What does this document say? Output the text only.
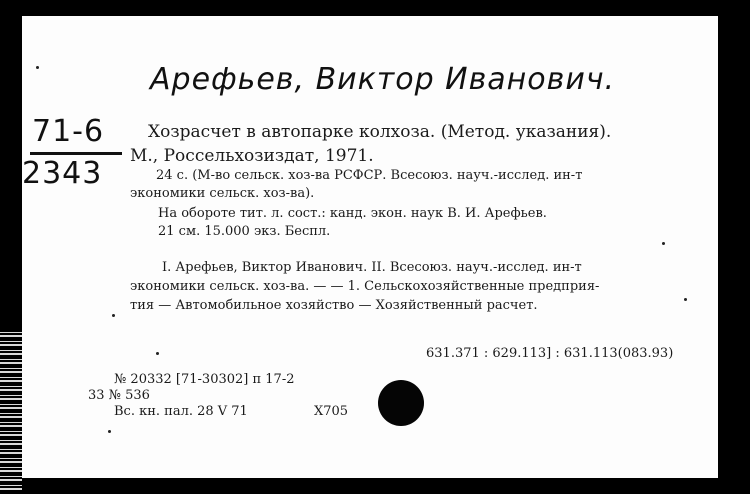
Арефьев, Виктор Иванович.
71-6
2343
Хозрасчет в автопарке колхоза. (Метод. указания).
М., Россельхозиздат, 1971.
24 с. (М-во сельск. хоз-ва РСФСР. Всесоюз. науч.-исслед. ин-т
экономики сельск. хоз-ва).
На обороте тит. л. сост.: канд. экон. наук В. И. Арефьев.
21 см. 15.000 экз. Беспл.
I. Арефьев, Виктор Иванович. II. Всесоюз. науч.-исслед. ин-т
экономики сельск. хоз-ва. — — 1. Сельскохозяйственные предприя-
тия — Автомобильное хозяйство — Хозяйственный расчет.
631.371 : 629.113] : 631.113(083.93)
№ 20332 [71-30302] п 17-2
33 № 536
Вс. кн. пал. 28 V 71	Х705
